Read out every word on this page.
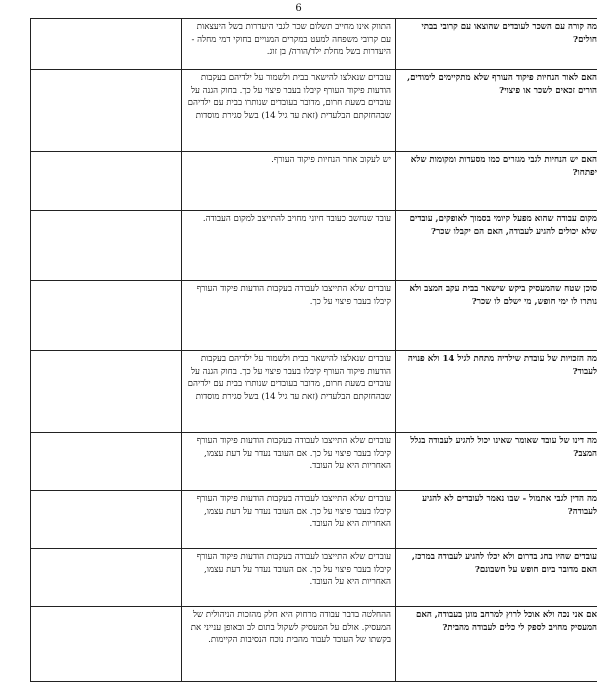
6
מה קורה עם השכר לעובדים שהוצאו עם קרובי בבתי חולים?	התווק אינו מחייב תשלום שכר לגבי היעדרות בשל היעצאות עם קרובי משפחה למעט במקרים המנויים בחוקי דמי מחלה - היעדרות בשל מחלת ילד/הורה/ בן זוג.	

האם לאור הנחיות פיקוד העורף שלא מתקיימים לימודים, הורים זכאים לשכר או פיצוי?	עובדים שנאלצו להישאר בבית ולשמור על ילדיהם בעקבות הודעות פיקוד העורף קיבלו בעבר פיצוי על כך. בחוק הגנה על עובדים בשעת חרום, מדובר בעובדים שנותרו בבית עם ילדיהם שבהחזקתם הבלעדית (זאת עד גיל 14) בשל סגירת מוסדות	

האם יש הנחיות לגבי מגזרים כמו מסעדות ומקומות שלא יפתחו?	יש לעקוב אחר הנחיות פיקוד העורף.	

מקום עבודה שהוא מפעל קיומי בסמוך לאופקים, עובדים שלא יכולים להגיע לעבודה, האם הם יקבלו שכר?	עובד שנחשב כעובד חיוני מחויב להתייצב למקום העבודה.	

סוכן שטח שהמעסיק ביקש שישאר בבית עקב המצב ולא נותרו לו ימי חופש, מי ישלם לו שכר?	עובדים שלא התייצבו לעבודה בעקבות הודעות פיקוד העורף קיבלו בעבר פיצוי על כך.	

מה הזכויות של עובדת שילדיה מתחת לגיל 14 ולא פנויה לעבוד?	עובדים שנאלצו להישאר בבית ולשמור על ילדיהם בעקבות הודעות פיקוד העורף קיבלו בעבר פיצוי על כך. בחוק הגנה על עובדים בשעת חרום, מדובר בעובדים שנותרו בבית עם ילדיהם שבהחזקתם הבלעדית (זאת עד גיל 14) בשל סגירת מוסדות	

מה דינו של עובד שאומר שאינו יכול להגיע לעבודה בגלל המצב?	עובדים שלא התייצבו לעבודה בעקבות הודעות פיקוד העורף קיבלו בעבר פיצוי על כך. אם העובד נעדר על דעת עצמו, האחריות היא על העובד.	

מה הדין לגבי אתמול - שבו נאמר לעובדים לא להגיע לעבודה?	עובדים שלא התייצבו לעבודה בעקבות הודעות פיקוד העורף קיבלו בעבר פיצוי על כך. אם העובד נעדר על דעת עצמו, האחריות היא על העובד.	

עובדים שהיו בחג בדרום ולא יכלו להגיע לעבודה במרכז, האם מדובר ביום חופש על חשבונם?	עובדים שלא התייצבו לעבודה בעקבות הודעות פיקוד העורף קיבלו בעבר פיצוי על כך. אם העובד נעדר על דעת עצמו, האחריות היא על העובד.	

אם אני נכה ולא אוכל לרוץ למרחב מוגן בעבודה, האם המעסיק מחויב לספק לי כלים לעבודה מהבית?	ההחלטה בדבר עבודה מרחוק היא חלק מהזכות הניהולית של המעסיק. אולם על המעסיק לשקול בתום לב ובאופן ענייני את בקשתו של העובד לעבוד מהבית נוכח הנסיבות הקיימות.	
